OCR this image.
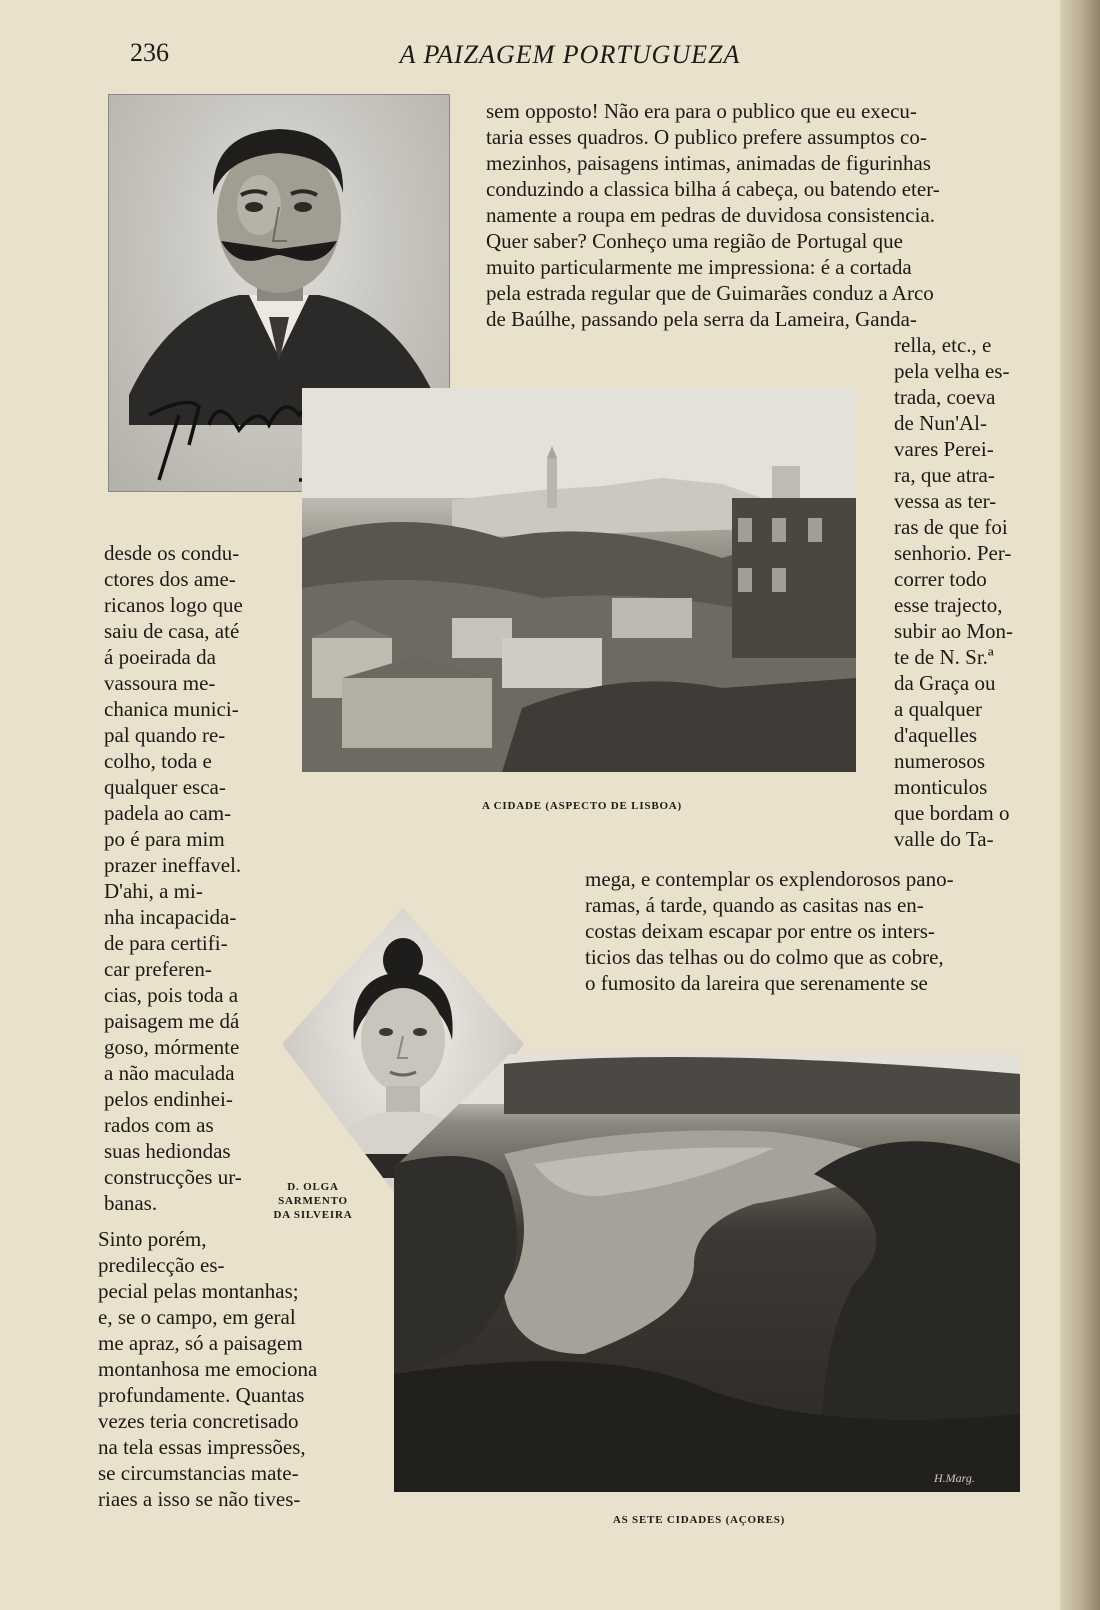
236	A PAIZAGEM PORTUGUEZA
A CIDADE (ASPECTO DE LISBOA)
D. OLGA
SARMENTO
DA SILVEIRA
H.Marg.
AS SETE CIDADES (AÇORES)
sem opposto! Não era para o publico que eu execu-
taria esses quadros. O publico prefere assumptos co-
mezinhos, paisagens intimas, animadas de figurinhas
conduzindo a classica bilha á cabeça, ou batendo eter-
namente a roupa em pedras de duvidosa consistencia.
Quer saber? Conheço uma região de Portugal que
muito particularmente me impressiona: é a cortada
pela estrada regular que de Guimarães conduz a Arco
de Baúlhe, passando pela serra da Lameira, Ganda-
rella, etc., e
pela velha es-
trada, coeva
de Nun'Al-
vares Perei-
ra, que atra-
vessa as ter-
ras de que foi
senhorio. Per-
correr todo
esse trajecto,
subir ao Mon-
te de N. Sr.ª
da Graça ou
a qualquer
d'aquelles
numerosos
monticulos
que bordam o
valle do Ta-
mega, e contemplar os explendorosos pano-
ramas, á tarde, quando as casitas nas en-
costas deixam escapar por entre os inters-
ticios das telhas ou do colmo que as cobre,
o fumosito da lareira que serenamente se
desde os condu-
ctores dos ame-
ricanos logo que
saiu de casa, até
á poeirada da
vassoura me-
chanica munici-
pal quando re-
colho, toda e
qualquer esca-
padela ao cam-
po é para mim
prazer ineffavel.
D'ahi, a mi-
nha incapacida-
de para certifi-
car preferen-
cias, pois toda a
paisagem me dá
goso, mórmente
a não maculada
pelos endinhei-
rados com as
suas hediondas
construcções ur-
banas.
Sinto porém,
predilecção es-
pecial pelas montanhas;
e, se o campo, em geral
me apraz, só a paisagem
montanhosa me emociona
profundamente. Quantas
vezes teria concretisado
na tela essas impressões,
se circumstancias mate-
riaes a isso se não tives-
